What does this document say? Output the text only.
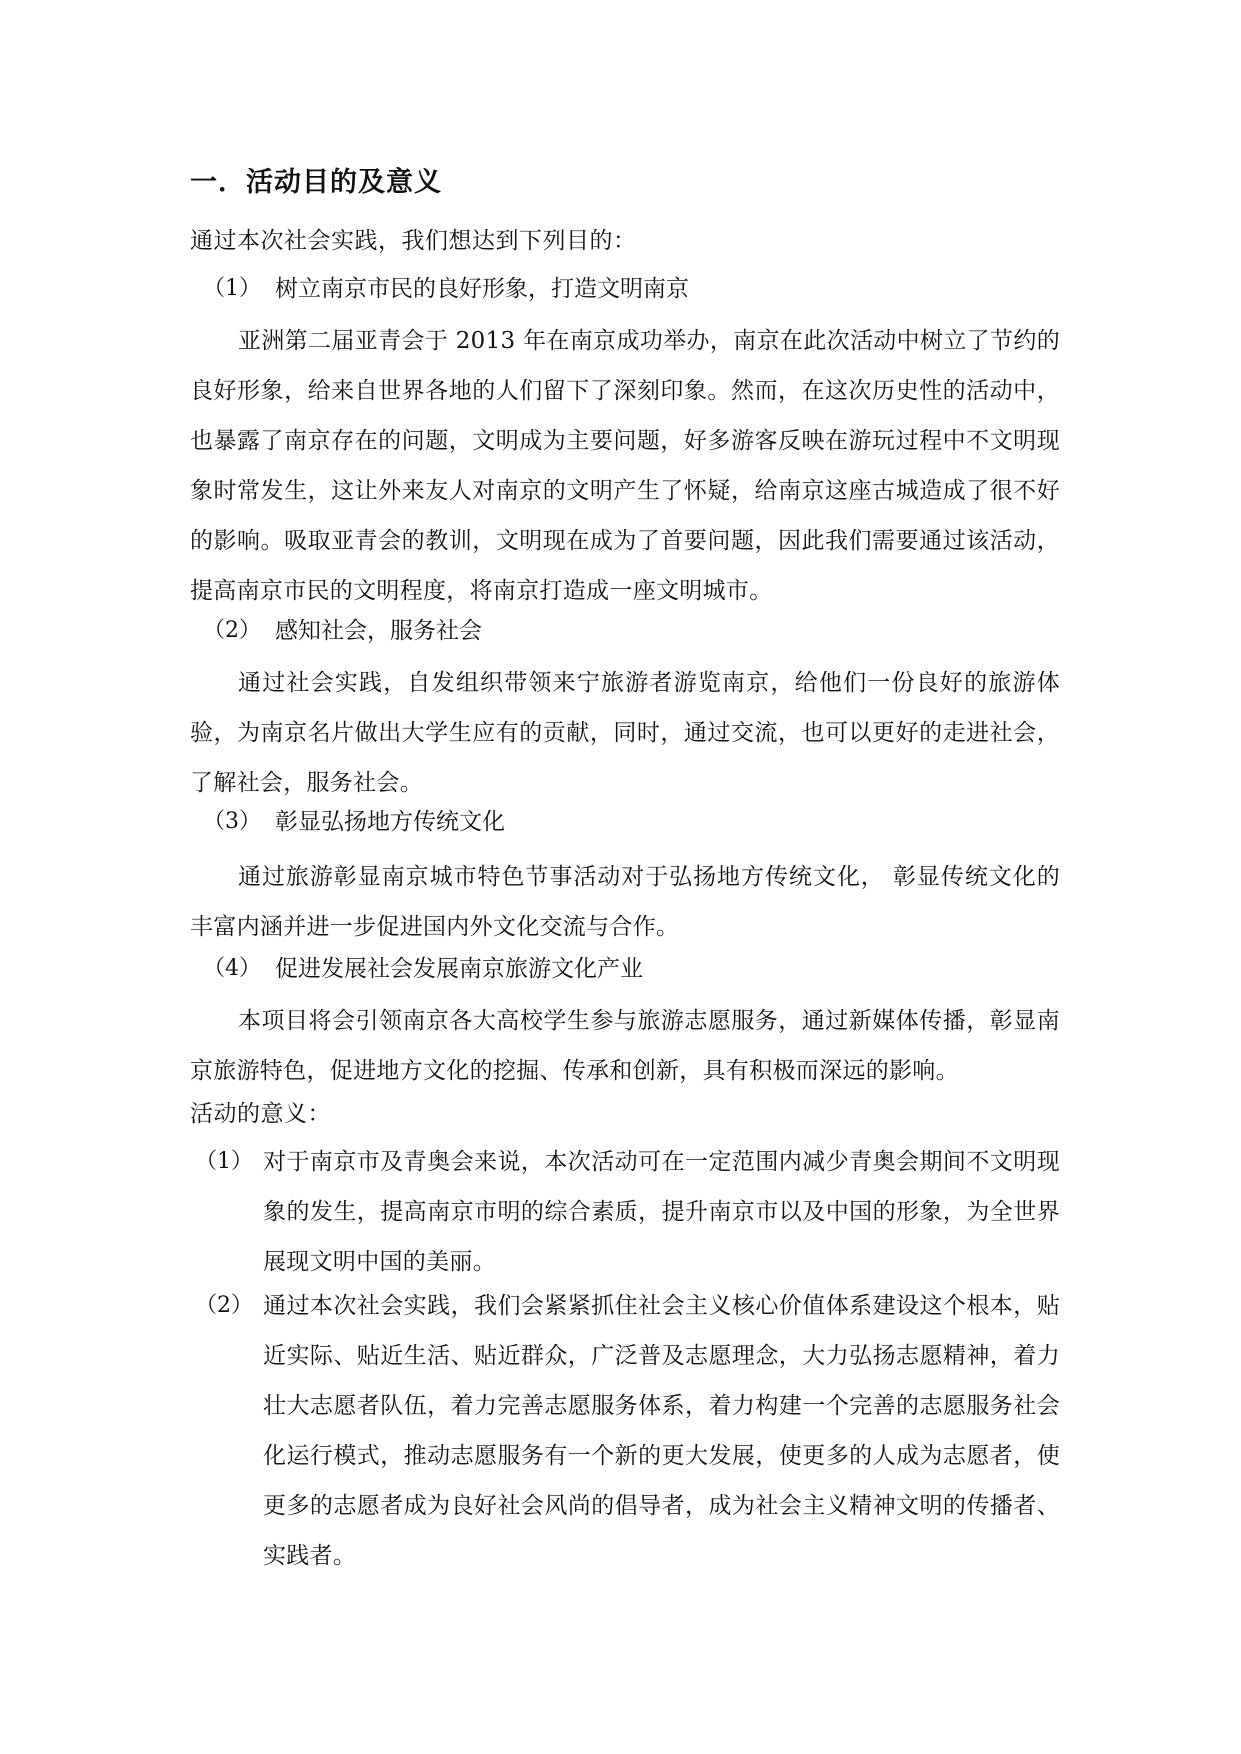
一．活动目的及意义
通过本次社会实践，我们想达到下列目的：
（1） 树立南京市民的良好形象，打造文明南京
亚洲第二届亚青会于 2013 年在南京成功举办，南京在此次活动中树立了节约的良好形象，给来自世界各地的人们留下了深刻印象。然而，在这次历史性的活动中，也暴露了南京存在的问题，文明成为主要问题，好多游客反映在游玩过程中不文明现象时常发生，这让外来友人对南京的文明产生了怀疑，给南京这座古城造成了很不好的影响。吸取亚青会的教训，文明现在成为了首要问题，因此我们需要通过该活动，提高南京市民的文明程度，将南京打造成一座文明城市。
（2） 感知社会，服务社会
通过社会实践，自发组织带领来宁旅游者游览南京，给他们一份良好的旅游体验，为南京名片做出大学生应有的贡献，同时，通过交流，也可以更好的走进社会，了解社会，服务社会。
（3） 彰显弘扬地方传统文化
通过旅游彰显南京城市特色节事活动对于弘扬地方传统文化， 彰显传统文化的丰富内涵并进一步促进国内外文化交流与合作。
（4） 促进发展社会发展南京旅游文化产业
本项目将会引领南京各大高校学生参与旅游志愿服务，通过新媒体传播，彰显南京旅游特色，促进地方文化的挖掘、传承和创新，具有积极而深远的影响。
活动的意义：
（1） 对于南京市及青奥会来说，本次活动可在一定范围内减少青奥会期间不文明现象的发生，提高南京市明的综合素质，提升南京市以及中国的形象，为全世界展现文明中国的美丽。
（2） 通过本次社会实践，我们会紧紧抓住社会主义核心价值体系建设这个根本，贴近实际、贴近生活、贴近群众，广泛普及志愿理念，大力弘扬志愿精神，着力壮大志愿者队伍，着力完善志愿服务体系，着力构建一个完善的志愿服务社会化运行模式，推动志愿服务有一个新的更大发展，使更多的人成为志愿者，使更多的志愿者成为良好社会风尚的倡导者，成为社会主义精神文明的传播者、实践者。
